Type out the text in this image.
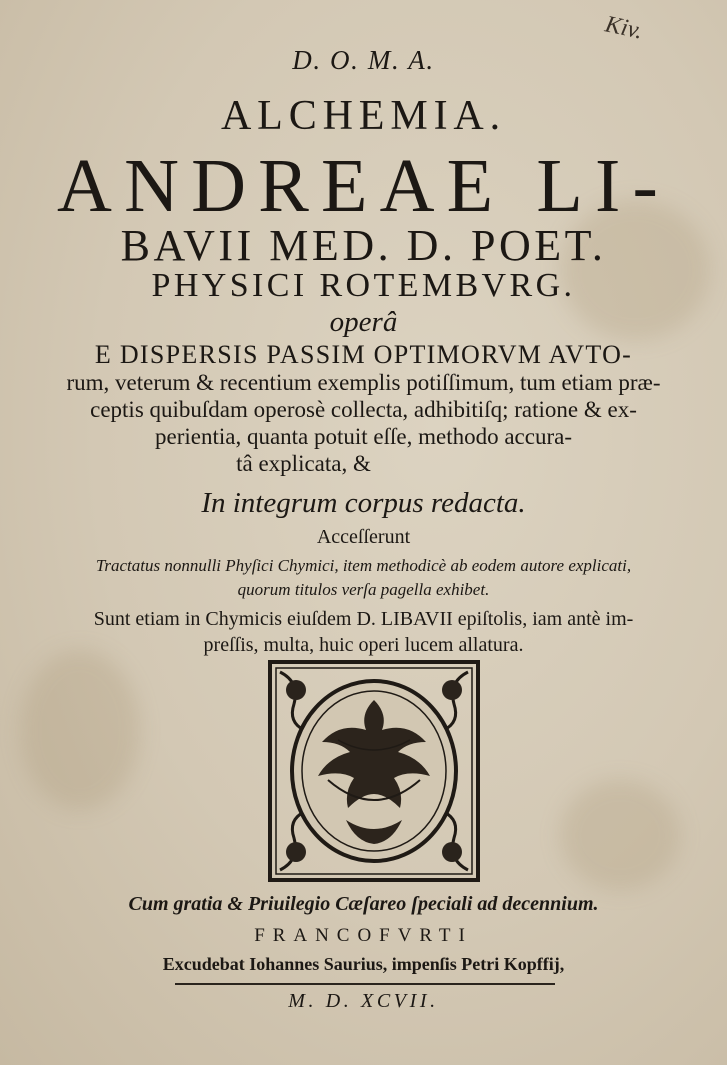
Kiv.
D. O. M. A.
ALCHEMIA.
ANDREAE LI-
BAVII MED. D. POET.
PHYSICI ROTEMBVRG.
operâ
E DISPERSIS PASSIM OPTIMORVM AVTO-
rum, veterum & recentium exemplis potiſſimum, tum etiam præ-
ceptis quibuſdam operosè collecta, adhibitiſq; ratione & ex-
perientia, quanta potuit eſſe, methodo accura-
tâ explicata, &
In integrum corpus redacta.
Acceſſerunt
Tractatus nonnulli Phyſici Chymici, item methodicè ab eodem autore explicati,
quorum titulos verſa pagella exhibet.
Sunt etiam in Chymicis eiuſdem D. LIBAVII epiſtolis, iam antè im-
preſſis, multa, huic operi lucem allatura.
Cum gratia & Priuilegio Cæſareo ſpeciali ad decennium.
FRANCOFVRTI
Excudebat Iohannes Saurius, impenſis Petri Kopffij,
M. D. XCVII.
